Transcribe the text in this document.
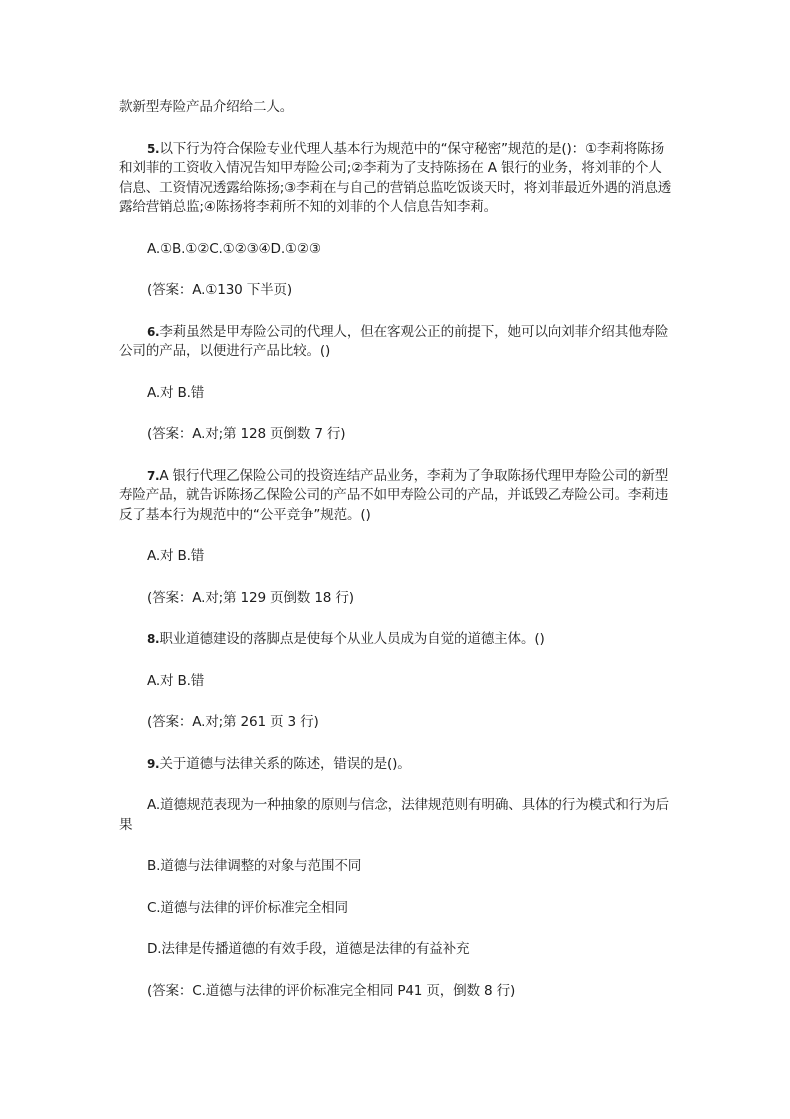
款新型寿险产品介绍给二人。

5.以下行为符合保险专业代理人基本行为规范中的“保守秘密”规范的是()：①李莉将陈扬和刘菲的工资收入情况告知甲寿险公司;②李莉为了支持陈扬在 A 银行的业务，将刘菲的个人信息、工资情况透露给陈扬;③李莉在与自己的营销总监吃饭谈天时，将刘菲最近外遇的消息透露给营销总监;④陈扬将李莉所不知的刘菲的个人信息告知李莉。

A.①B.①②C.①②③④D.①②③

(答案：A.①130 下半页)

6.李莉虽然是甲寿险公司的代理人，但在客观公正的前提下，她可以向刘菲介绍其他寿险公司的产品，以便进行产品比较。()

A.对 B.错

(答案：A.对;第 128 页倒数 7 行)

7.A 银行代理乙保险公司的投资连结产品业务，李莉为了争取陈扬代理甲寿险公司的新型寿险产品，就告诉陈扬乙保险公司的产品不如甲寿险公司的产品，并诋毁乙寿险公司。李莉违反了基本行为规范中的“公平竞争”规范。()

A.对 B.错

(答案：A.对;第 129 页倒数 18 行)

8.职业道德建设的落脚点是使每个从业人员成为自觉的道德主体。()

A.对 B.错

(答案：A.对;第 261 页 3 行)

9.关于道德与法律关系的陈述，错误的是()。

A.道德规范表现为一种抽象的原则与信念，法律规范则有明确、具体的行为模式和行为后果

B.道德与法律调整的对象与范围不同

C.道德与法律的评价标准完全相同

D.法律是传播道德的有效手段，道德是法律的有益补充

(答案：C.道德与法律的评价标准完全相同 P41 页，倒数 8 行)
